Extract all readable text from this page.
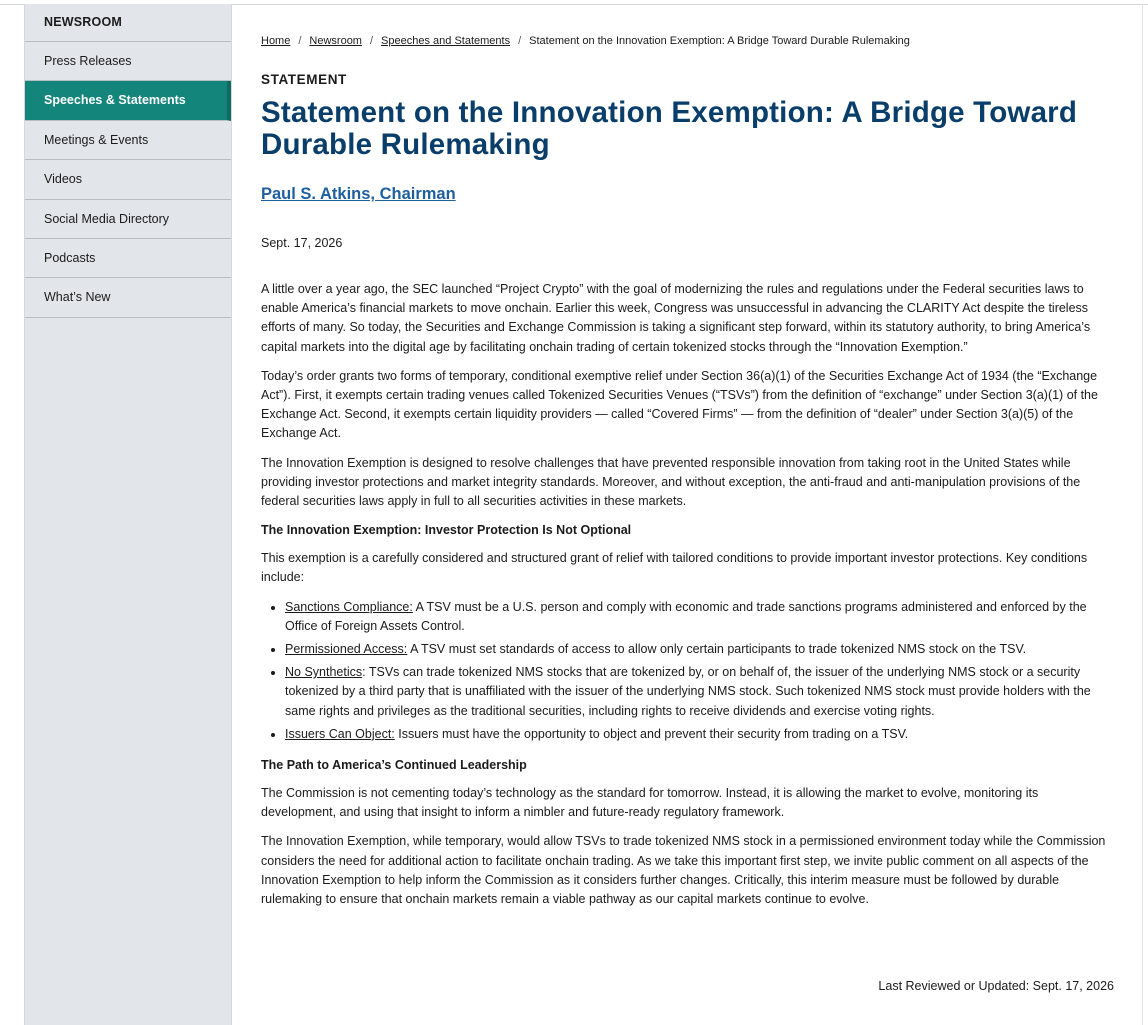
NEWSROOM
Press Releases
Speeches & Statements
Meetings & Events
Videos
Social Media Directory
Podcasts
What’s New
Home / Newsroom / Speeches and Statements / Statement on the Innovation Exemption: A Bridge Toward Durable Rulemaking
STATEMENT
Statement on the Innovation Exemption: A Bridge Toward Durable Rulemaking
Paul S. Atkins, Chairman
Sept. 17, 2026

A little over a year ago, the SEC launched “Project Crypto” with the goal of modernizing the rules and regulations under the Federal securities laws to enable America’s financial markets to move onchain. Earlier this week, Congress was unsuccessful in advancing the CLARITY Act despite the tireless efforts of many. So today, the Securities and Exchange Commission is taking a significant step forward, within its statutory authority, to bring America’s capital markets into the digital age by facilitating onchain trading of certain tokenized stocks through the “Innovation Exemption.”

Today’s order grants two forms of temporary, conditional exemptive relief under Section 36(a)(1) of the Securities Exchange Act of 1934 (the “Exchange Act”). First, it exempts certain trading venues called Tokenized Securities Venues (“TSVs”) from the definition of “exchange” under Section 3(a)(1) of the Exchange Act. Second, it exempts certain liquidity providers — called “Covered Firms” — from the definition of “dealer” under Section 3(a)(5) of the Exchange Act.

The Innovation Exemption is designed to resolve challenges that have prevented responsible innovation from taking root in the United States while providing investor protections and market integrity standards. Moreover, and without exception, the anti-fraud and anti-manipulation provisions of the federal securities laws apply in full to all securities activities in these markets.

The Innovation Exemption: Investor Protection Is Not Optional

This exemption is a carefully considered and structured grant of relief with tailored conditions to provide important investor protections. Key conditions include:

• Sanctions Compliance: A TSV must be a U.S. person and comply with economic and trade sanctions programs administered and enforced by the Office of Foreign Assets Control.
• Permissioned Access: A TSV must set standards of access to allow only certain participants to trade tokenized NMS stock on the TSV.
• No Synthetics: TSVs can trade tokenized NMS stocks that are tokenized by, or on behalf of, the issuer of the underlying NMS stock or a security tokenized by a third party that is unaffiliated with the issuer of the underlying NMS stock. Such tokenized NMS stock must provide holders with the same rights and privileges as the traditional securities, including rights to receive dividends and exercise voting rights.
• Issuers Can Object: Issuers must have the opportunity to object and prevent their security from trading on a TSV.
The Path to America’s Continued Leadership

The Commission is not cementing today’s technology as the standard for tomorrow. Instead, it is allowing the market to evolve, monitoring its development, and using that insight to inform a nimbler and future-ready regulatory framework.

The Innovation Exemption, while temporary, would allow TSVs to trade tokenized NMS stock in a permissioned environment today while the Commission considers the need for additional action to facilitate onchain trading. As we take this important first step, we invite public comment on all aspects of the Innovation Exemption to help inform the Commission as it considers further changes. Critically, this interim measure must be followed by durable rulemaking to ensure that onchain markets remain a viable pathway as our capital markets continue to evolve.

Last Reviewed or Updated: Sept. 17, 2026
